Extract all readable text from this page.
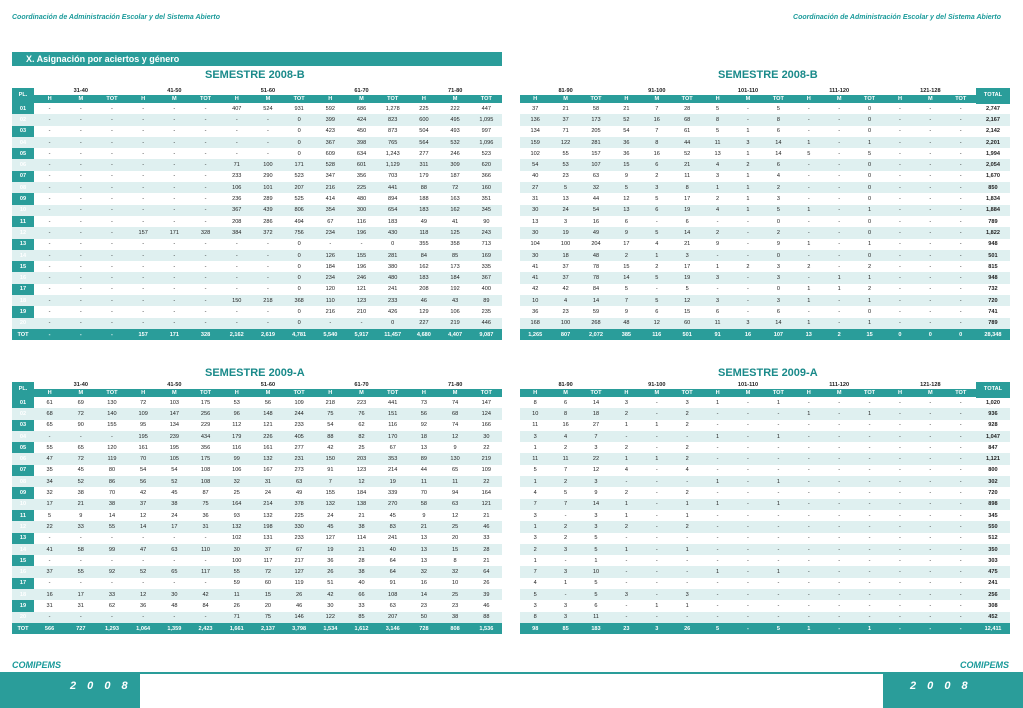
Coordinación de Administración Escolar y del Sistema Abierto	Coordinación de Administración Escolar y del Sistema Abierto
X. Asignación por aciertos y género
SEMESTRE 2008-B	SEMESTRE 2008-B
SEMESTRE 2009-A	SEMESTRE 2009-A
PL.	31-40			41-50			51-60			61-70			71-80		
	H	M	TOT	H	M	TOT	H	M	TOT	H	M	TOT	H	M	TOT
01	-	-	-	-	-	-	407	524	931	592	686	1,278	225	222	447
02	-	-	-	-	-	-	-	-	0	399	424	823	600	495	1,095
03	-	-	-	-	-	-	-	-	0	423	450	873	504	493	997
04	-	-	-	-	-	-	-	-	0	367	398	765	564	532	1,096
05	-	-	-	-	-	-	-	-	0	609	634	1,243	277	246	523
06	-	-	-	-	-	-	71	100	171	528	601	1,129	311	309	620
07	-	-	-	-	-	-	233	290	523	347	356	703	179	187	366
08	-	-	-	-	-	-	106	101	207	216	225	441	88	72	160
09	-	-	-	-	-	-	236	289	525	414	480	894	188	163	351
10	-	-	-	-	-	-	367	439	806	354	300	654	183	162	345
11	-	-	-	-	-	-	208	286	494	67	116	183	49	41	90
12	-	-	-	157	171	328	384	372	756	234	196	430	118	125	243
13	-	-	-	-	-	-	-	-	0	-	-	0	355	358	713
14	-	-	-	-	-	-	-	-	0	126	155	281	84	85	169
15	-	-	-	-	-	-	-	-	0	184	196	380	162	173	335
16	-	-	-	-	-	-	-	-	0	234	246	480	183	184	367
17	-	-	-	-	-	-	-	-	0	120	121	241	208	192	400
18	-	-	-	-	-	-	150	218	368	110	123	233	46	43	89
19	-	-	-	-	-	-	-	-	0	216	210	426	129	106	235
20	-	-	-	-	-	-	-	-	0	-	-	0	227	219	446
TOT	-	-	-	157	171	328	2,162	2,619	4,781	5,540	5,917	11,457	4,680	4,407	9,087
81-90			91-100			101-110			111-120			121-128			TOTAL
H	M	TOT	H	M	TOT	H	M	TOT	H	M	TOT	H	M	TOT	
37	21	58	21	7	28	5	-	5	-	-	0	-	-	-	2,747
136	37	173	52	16	68	8	-	8	-	-	0	-	-	-	2,167
134	71	205	54	7	61	5	1	6	-	-	0	-	-	-	2,142
159	122	281	36	8	44	11	3	14	1	-	1	-	-	-	2,201
102	55	157	36	16	52	13	1	14	5	-	5	-	-	-	1,994
54	53	107	15	6	21	4	2	6	-	-	0	-	-	-	2,054
40	23	63	9	2	11	3	1	4	-	-	0	-	-	-	1,670
27	5	32	5	3	8	1	1	2	-	-	0	-	-	-	850
31	13	44	12	5	17	2	1	3	-	-	0	-	-	-	1,834
30	24	54	13	6	19	4	1	5	1	-	1	-	-	-	1,884
13	3	16	6	-	6	-	-	0	-	-	0	-	-	-	789
30	19	49	9	5	14	2	-	2	-	-	0	-	-	-	1,822
104	100	204	17	4	21	9	-	9	1	-	1	-	-	-	948
30	18	48	2	1	3	-	-	0	-	-	0	-	-	-	501
41	37	78	15	2	17	1	2	3	2	-	2	-	-	-	815
41	37	78	14	5	19	3	-	3	-	1	1	-	-	-	948
42	42	84	5	-	5	-	-	0	1	1	2	-	-	-	732
10	4	14	7	5	12	3	-	3	1	-	1	-	-	-	720
36	23	59	9	6	15	6	-	6	-	-	0	-	-	-	741
168	100	268	48	12	60	11	3	14	1	-	1	-	-	-	789
1,265	807	2,072	385	116	501	91	16	107	13	2	15	0	0	0	28,348
PL.	31-40			41-50			51-60			61-70			71-80		
	H	M	TOT	H	M	TOT	H	M	TOT	H	M	TOT	H	M	TOT
01	61	69	130	72	103	175	53	56	109	218	223	441	73	74	147
02	68	72	140	109	147	256	96	148	244	75	76	151	56	68	124
03	65	90	155	95	134	229	112	121	233	54	62	116	92	74	166
04	-	-	-	195	239	434	179	226	405	88	82	170	18	12	30
05	55	65	120	161	195	356	116	161	277	42	25	67	13	9	22
06	47	72	119	70	105	175	99	132	231	150	203	353	89	130	219
07	35	45	80	54	54	108	106	167	273	91	123	214	44	65	109
08	34	52	86	56	52	108	32	31	63	7	12	19	11	11	22
09	32	38	70	42	45	87	25	24	49	155	184	339	70	94	164
10	17	21	38	37	38	75	164	214	378	132	138	270	58	63	121
11	5	9	14	12	24	36	93	132	225	24	21	45	9	12	21
12	22	33	55	14	17	31	132	198	330	45	38	83	21	25	46
13	-	-	-	-	-	-	102	131	233	127	114	241	13	20	33
14	41	58	99	47	63	110	30	37	67	19	21	40	13	15	28
15	-	-	-	-	-	-	100	117	217	36	28	64	13	8	21
16	37	55	92	52	65	117	55	72	127	26	38	64	32	32	64
17	-	-	-	-	-	-	59	60	119	51	40	91	16	10	26
18	16	17	33	12	30	42	11	15	26	42	66	108	14	25	39
19	31	31	62	36	48	84	26	20	46	30	33	63	23	23	46
20	-	-	-	-	-	-	71	75	146	122	85	207	50	38	88
TOT	566	727	1,293	1,064	1,359	2,423	1,661	2,137	3,798	1,534	1,612	3,146	728	808	1,536
81-90			91-100			101-110			111-120			121-128			TOTAL
H	M	TOT	H	M	TOT	H	M	TOT	H	M	TOT	H	M	TOT	
8	6	14	3	-	3	1	-	1	-	-	-	-	-	-	1,020
10	8	18	2	-	2	-	-	-	1	-	1	-	-	-	936
11	16	27	1	1	2	-	-	-	-	-	-	-	-	-	928
3	4	7	-	-	-	1	-	1	-	-	-	-	-	-	1,047
1	2	3	2	-	2	-	-	-	-	-	-	-	-	-	847
11	11	22	1	1	2	-	-	-	-	-	-	-	-	-	1,121
5	7	12	4	-	4	-	-	-	-	-	-	-	-	-	800
1	2	3	-	-	-	1	-	1	-	-	-	-	-	-	302
4	5	9	2	-	2	-	-	-	-	-	-	-	-	-	720
7	7	14	1	-	1	1	-	1	-	-	-	-	-	-	898
3	-	3	1	-	1	-	-	-	-	-	-	-	-	-	345
1	2	3	2	-	2	-	-	-	-	-	-	-	-	-	550
3	2	5	-	-	-	-	-	-	-	-	-	-	-	-	512
2	3	5	1	-	1	-	-	-	-	-	-	-	-	-	350
1	-	1	-	-	-	-	-	-	-	-	-	-	-	-	303
7	3	10	-	-	-	1	-	1	-	-	-	-	-	-	475
4	1	5	-	-	-	-	-	-	-	-	-	-	-	-	241
5	-	5	3	-	3	-	-	-	-	-	-	-	-	-	256
3	3	6	-	1	1	-	-	-	-	-	-	-	-	-	308
8	3	11	-	-	-	-	-	-	-	-	-	-	-	-	452
98	85	183	23	3	26	5	-	5	1	-	1	-	-	-	12,411
COMIPEMS	COMIPEMS
2 0 0 8	2 0 0 8
